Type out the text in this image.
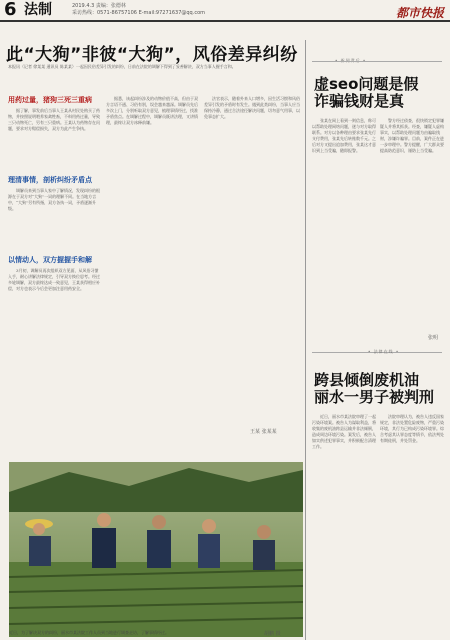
6 法制	2019.4.3 责编：张德林
采访热线：0571-86757106 E-mail:97271637@qq.com	都市快报
此“大狗”非彼“大狗”，风俗差异纠纷
本报讯（记者 徐某某 通讯员 陈某某）一起因民俗差异引发的纠纷，日前在法院的调解下得到了妥善解决，双方当事人握手言和。
用药过量，猪狗三死三重病
　　据了解，事发前后当事人王某从村民处购买了药物，并按照说明喂养家禽牲畜，不料用药过量，导致三只动物死亡，另有三只重病。王某认为药物存在问题，要求对方赔偿损失，双方为此产生争执。
理清事情，剖析纠纷矛盾点
　　调解员来到当事人家中了解情况，发现纠纷的根源在于双方对“大狗”一词的理解不同。在当地方言中，“大狗”另有所指，双方各执一词，矛盾逐渐升级。
以情动人，双方握握手和解
　　3月初，调解员再次组织双方见面，从风俗习惯入手，耐心讲解法律规定，引导双方换位思考。经过多轮调解，双方最终达成一致意见，王某获得相应补偿，对方也表示今后会更加注意用药安全。
　　据悉，该起纠纷涉及的动物价值不高，但由于双方言语不通、习俗有别，误会越来越深。调解员先后多次上门，分别听取双方意见，梳理事情经过，找准矛盾焦点。在调解过程中，调解员既讲法理，又讲情理，最终让双方冰释前嫌。
　　法官表示，随着外来人口增多，因生活习惯和风俗差异引发的矛盾时有发生。遇到此类纠纷，当事人应当保持冷静，通过合法途径解决问题，切勿意气用事，以免事态扩大。
王某 张某某
虚seo问题是假
诈骗钱财是真
　　张某在网上看到一则信息，称可以帮助处理网络问题，遂与对方取得联系。对方以各种理由要求张某先行支付费用，张某先后转账数千元。之后对方又提出追加费用，张某这才意识到上当受骗，随即报警。
　　警方经过侦查，很快锁定犯罪嫌疑人并将其抓获。经查，嫌疑人虚构事实，以帮助处理问题为由骗取钱财，涉嫌诈骗罪。目前，案件正在进一步审理中。警方提醒，广大群众要提高防范意识，谨防上当受骗。
张明
• 法律在线 •
跨县倾倒废机油
丽水一男子被判刑
　　近日，丽水市某法院审理了一起污染环境案。被告人为谋取利益，将收集的废机油跨县运输并非法倾倒，造成周边环境污染。案发后，被告人如实供述犯罪事实，并积极配合清理工作。
　　法院审理认为，被告人违反国家规定，非法处置危险废物，严重污染环境，其行为已构成污染环境罪。综合考虑其认罪态度等情节，依法判处有期徒刑，并处罚金。
近日，为了解决双方的纠纷，丽水市某法院工作人员到当地进行调查走访，了解事情经过。	胡鹏 摄
